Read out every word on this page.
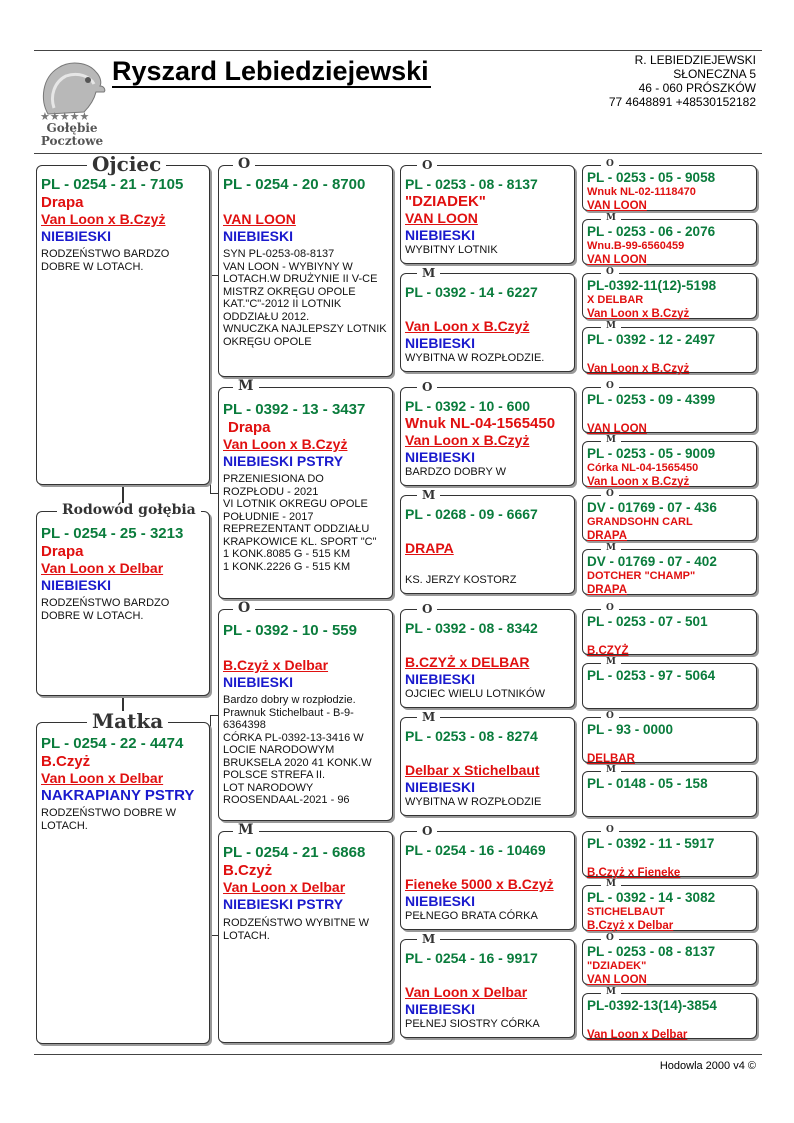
★★★★★
Gołębie
Pocztowe
Ryszard Lebiedziejewski	R. LEBIEDZIEJEWSKI
SŁONECZNA 5
46 - 060 PRÓSZKÓW
77 4648891 +48530152182
Ojciec
PL - 0254 - 21 - 7105
Drapa
Van Loon x B.Czyż
NIEBIESKI
RODZEŃSTWO BARDZO DOBRE W LOTACH.
Rodowód gołębia
PL - 0254 - 25 - 3213
Drapa
Van Loon x Delbar
NIEBIESKI
RODZEŃSTWO BARDZO DOBRE W LOTACH.
Matka
PL - 0254 - 22 - 4474
B.Czyż
Van Loon x Delbar
NAKRAPIANY PSTRY
RODZEŃSTWO DOBRE W LOTACH.
O
PL - 0254 - 20 - 8700
VAN LOON
NIEBIESKI
SYN PL-0253-08-8137
VAN LOON - WYBIYNY W LOTACH.W DRUŻYNIE II V-CE
MISTRZ OKRĘGU OPOLE KAT."C"-2012 II LOTNIK ODDZIAŁU 2012.
WNUCZKA NAJLEPSZY LOTNIK OKRĘGU OPOLE
M
PL - 0392 - 13 - 3437
Drapa
Van Loon x B.Czyż
NIEBIESKI PSTRY
PRZENIESIONA DO ROZPŁODU - 2021
VI LOTNIK OKREGU OPOLE POŁUDNIE - 2017
REPREZENTANT ODDZIAŁU KRAPKOWICE KL. SPORT "C"
1 KONK.8085 G - 515 KM
1 KONK.2226 G - 515 KM
O
PL - 0392 - 10 - 559
B.Czyż x Delbar
NIEBIESKI
Bardzo dobry w rozpłodzie. Prawnuk Stichelbaut - B-9-6364398
CÓRKA PL-0392-13-3416 W LOCIE NARODOWYM BRUKSELA 2020 41 KONK.W POLSCE STREFA II.
LOT NARODOWY ROOSENDAAL-2021 - 96
M
PL - 0254 - 21 - 6868
B.Czyż
Van Loon x Delbar
NIEBIESKI PSTRY
RODZEŃSTWO WYBITNE W LOTACH.
O
PL - 0253 - 08 - 8137
"DZIADEK"
VAN LOON
NIEBIESKI
WYBITNY LOTNIK
M
PL - 0392 - 14 - 6227
Van Loon x B.Czyż
NIEBIESKI
WYBITNA W ROZPŁODZIE.
O
PL - 0392 - 10 - 600
Wnuk NL-04-1565450
Van Loon x B.Czyż
NIEBIESKI
BARDZO DOBRY W
M
PL - 0268 - 09 - 6667
DRAPA
KS. JERZY KOSTORZ
O
PL - 0392 - 08 - 8342
B.CZYŻ x DELBAR
NIEBIESKI
OJCIEC WIELU LOTNIKÓW
M
PL - 0253 - 08 - 8274
Delbar x Stichelbaut
NIEBIESKI
WYBITNA W ROZPŁODZIE
O
PL - 0254 - 16 - 10469
Fieneke 5000 x B.Czyż
NIEBIESKI
PEŁNEGO BRATA CÓRKA
M
PL - 0254 - 16 - 9917
Van Loon x Delbar
NIEBIESKI
PEŁNEJ SIOSTRY CÓRKA
O
PL - 0253 - 05 - 9058
Wnuk NL-02-1118470
VAN LOON
M
PL - 0253 - 06 - 2076
Wnu.B-99-6560459
VAN LOON
O
PL-0392-11(12)-5198
X DELBAR
Van Loon x B.Czyż
M
PL - 0392 - 12 - 2497
Van Loon x B.Czyż
O
PL - 0253 - 09 - 4399
VAN LOON
M
PL - 0253 - 05 - 9009
Córka NL-04-1565450
Van Loon x B.Czyż
O
DV - 01769 - 07 - 436
GRANDSOHN CARL
DRAPA
M
DV - 01769 - 07 - 402
DOTCHER "CHAMP"
DRAPA
O
PL - 0253 - 07 - 501
B.CZYŻ
M
PL - 0253 - 97 - 5064
O
PL - 93 - 0000
DELBAR
M
PL - 0148 - 05 - 158
O
PL - 0392 - 11 - 5917
B.Czyż x Fieneke
M
PL - 0392 - 14 - 3082
STICHELBAUT
B.Czyż x Delbar
O
PL - 0253 - 08 - 8137
"DZIADEK"
VAN LOON
M
PL-0392-13(14)-3854
Van Loon x Delbar
Hodowla 2000 v4 ©
